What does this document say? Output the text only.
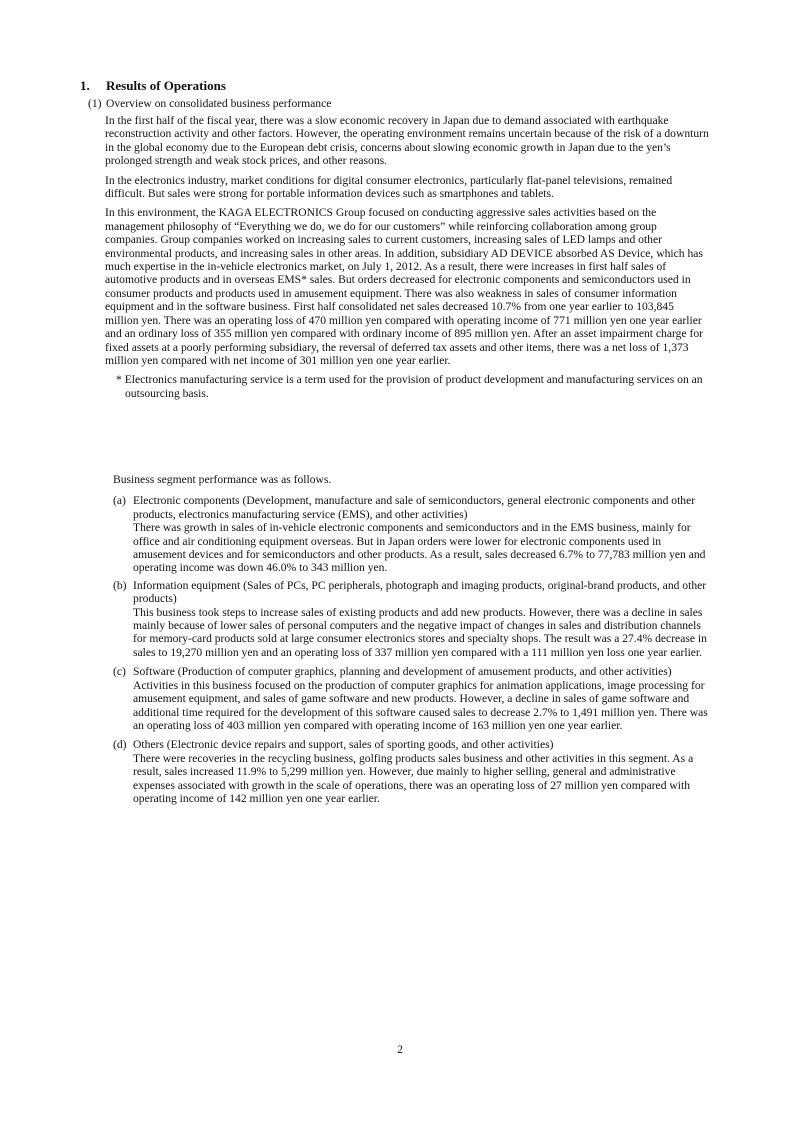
1. Results of Operations
(1) Overview on consolidated business performance

In the first half of the fiscal year, there was a slow economic recovery in Japan due to demand associated with earthquake reconstruction activity and other factors. However, the operating environment remains uncertain because of the risk of a downturn in the global economy due to the European debt crisis, concerns about slowing economic growth in Japan due to the yen’s prolonged strength and weak stock prices, and other reasons.

In the electronics industry, market conditions for digital consumer electronics, particularly flat-panel televisions, remained difficult. But sales were strong for portable information devices such as smartphones and tablets.

In this environment, the KAGA ELECTRONICS Group focused on conducting aggressive sales activities based on the management philosophy of “Everything we do, we do for our customers” while reinforcing collaboration among group companies. Group companies worked on increasing sales to current customers, increasing sales of LED lamps and other environmental products, and increasing sales in other areas. In addition, subsidiary AD DEVICE absorbed AS Device, which has much expertise in the in-vehicle electronics market, on July 1, 2012. As a result, there were increases in first half sales of automotive products and in overseas EMS* sales. But orders decreased for electronic components and semiconductors used in consumer products and products used in amusement equipment. There was also weakness in sales of consumer information equipment and in the software business. First half consolidated net sales decreased 10.7% from one year earlier to 103,845 million yen. There was an operating loss of 470 million yen compared with operating income of 771 million yen one year earlier and an ordinary loss of 355 million yen compared with ordinary income of 895 million yen. After an asset impairment charge for fixed assets at a poorly performing subsidiary, the reversal of deferred tax assets and other items, there was a net loss of 1,373 million yen compared with net income of 301 million yen one year earlier.

* Electronics manufacturing service is a term used for the provision of product development and manufacturing services on an outsourcing basis.

Business segment performance was as follows.

(a) Electronic components (Development, manufacture and sale of semiconductors, general electronic components and other products, electronics manufacturing service (EMS), and other activities)
There was growth in sales of in-vehicle electronic components and semiconductors and in the EMS business, mainly for office and air conditioning equipment overseas. But in Japan orders were lower for electronic components used in amusement devices and for semiconductors and other products. As a result, sales decreased 6.7% to 77,783 million yen and operating income was down 46.0% to 343 million yen.
(b) Information equipment (Sales of PCs, PC peripherals, photograph and imaging products, original-brand products, and other products)
This business took steps to increase sales of existing products and add new products. However, there was a decline in sales mainly because of lower sales of personal computers and the negative impact of changes in sales and distribution channels for memory-card products sold at large consumer electronics stores and specialty shops. The result was a 27.4% decrease in sales to 19,270 million yen and an operating loss of 337 million yen compared with a 111 million yen loss one year earlier.
(c) Software (Production of computer graphics, planning and development of amusement products, and other activities)
Activities in this business focused on the production of computer graphics for animation applications, image processing for amusement equipment, and sales of game software and new products. However, a decline in sales of game software and additional time required for the development of this software caused sales to decrease 2.7% to 1,491 million yen. There was an operating loss of 403 million yen compared with operating income of 163 million yen one year earlier.
(d) Others (Electronic device repairs and support, sales of sporting goods, and other activities)
There were recoveries in the recycling business, golfing products sales business and other activities in this segment. As a result, sales increased 11.9% to 5,299 million yen. However, due mainly to higher selling, general and administrative expenses associated with growth in the scale of operations, there was an operating loss of 27 million yen compared with operating income of 142 million yen one year earlier.
2
